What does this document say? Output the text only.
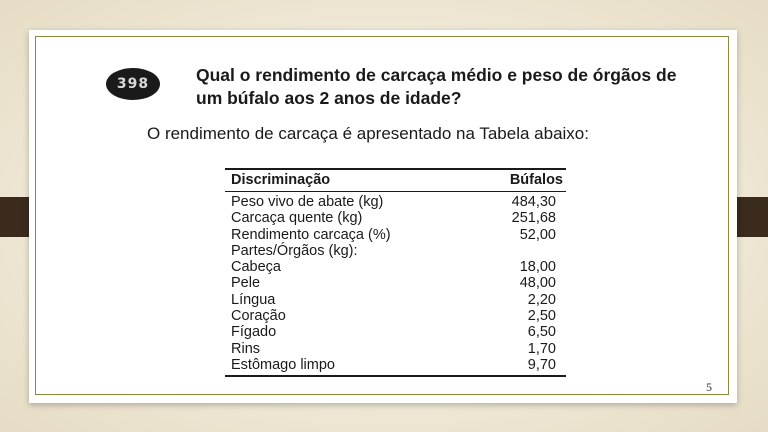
398	Qual o rendimento de carcaça médio e peso de órgãos de
um búfalo aos 2 anos de idade?
O rendimento de carcaça é apresentado na Tabela abaixo:
Discriminação	Búfalos
Peso vivo de abate (kg)	484,30
Carcaça quente (kg)	251,68
Rendimento carcaça (%)	52,00
Partes/Órgãos (kg):
Cabeça	18,00
Pele	48,00
Língua	2,20
Coração	2,50
Fígado	6,50
Rins	1,70
Estômago limpo	9,70
5
